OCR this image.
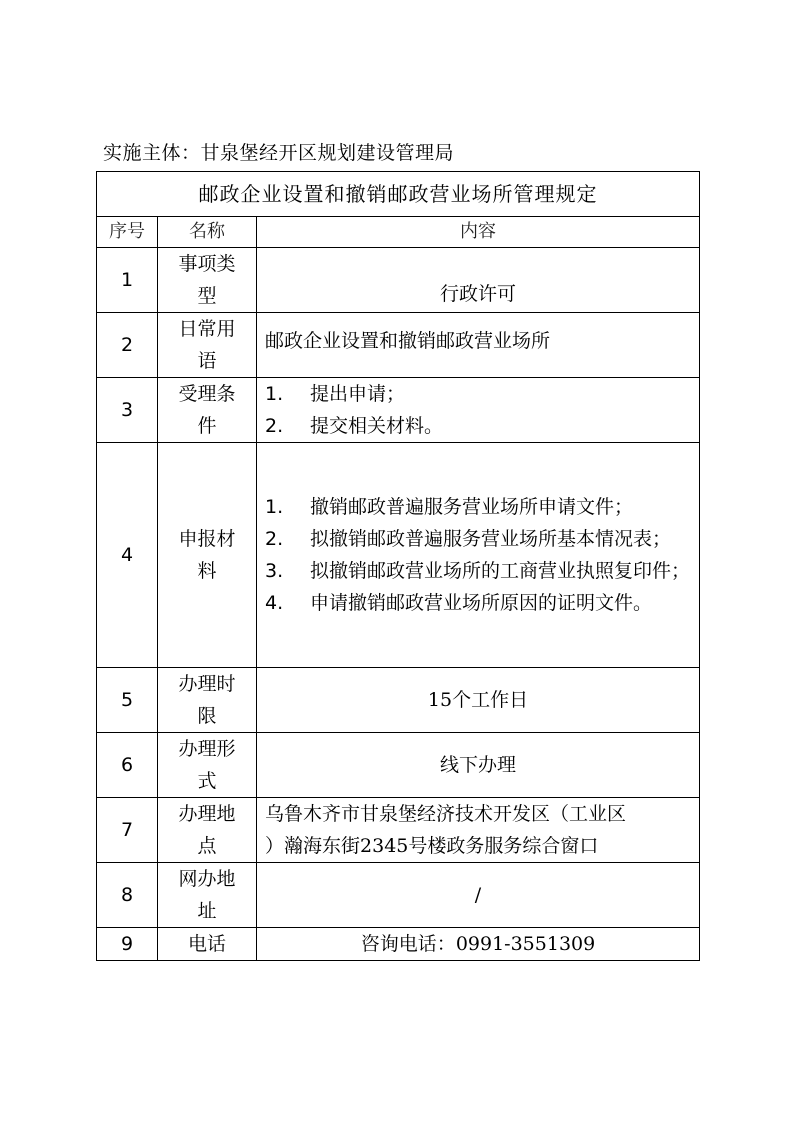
实施主体：甘泉堡经开区规划建设管理局
邮政企业设置和撤销邮政营业场所管理规定		
序号	名称	内容
1	事项类型	行政许可
2	日常用语	邮政企业设置和撤销邮政营业场所
3	受理条件	1. 提出申请；
2. 提交相关材料。

4	申报材料	1. 撤销邮政普遍服务营业场所申请文件；
2. 拟撤销邮政普遍服务营业场所基本情况表；
3. 拟撤销邮政营业场所的工商营业执照复印件；
4. 申请撤销邮政营业场所原因的证明文件。

5	办理时限	15个工作日
6	办理形式	线下办理
7	办理地点	乌鲁木齐市甘泉堡经济技术开发区（工业区
）瀚海东街2345号楼政务服务综合窗口

8	网办地址	/
9	电话	咨询电话：0991-3551309
